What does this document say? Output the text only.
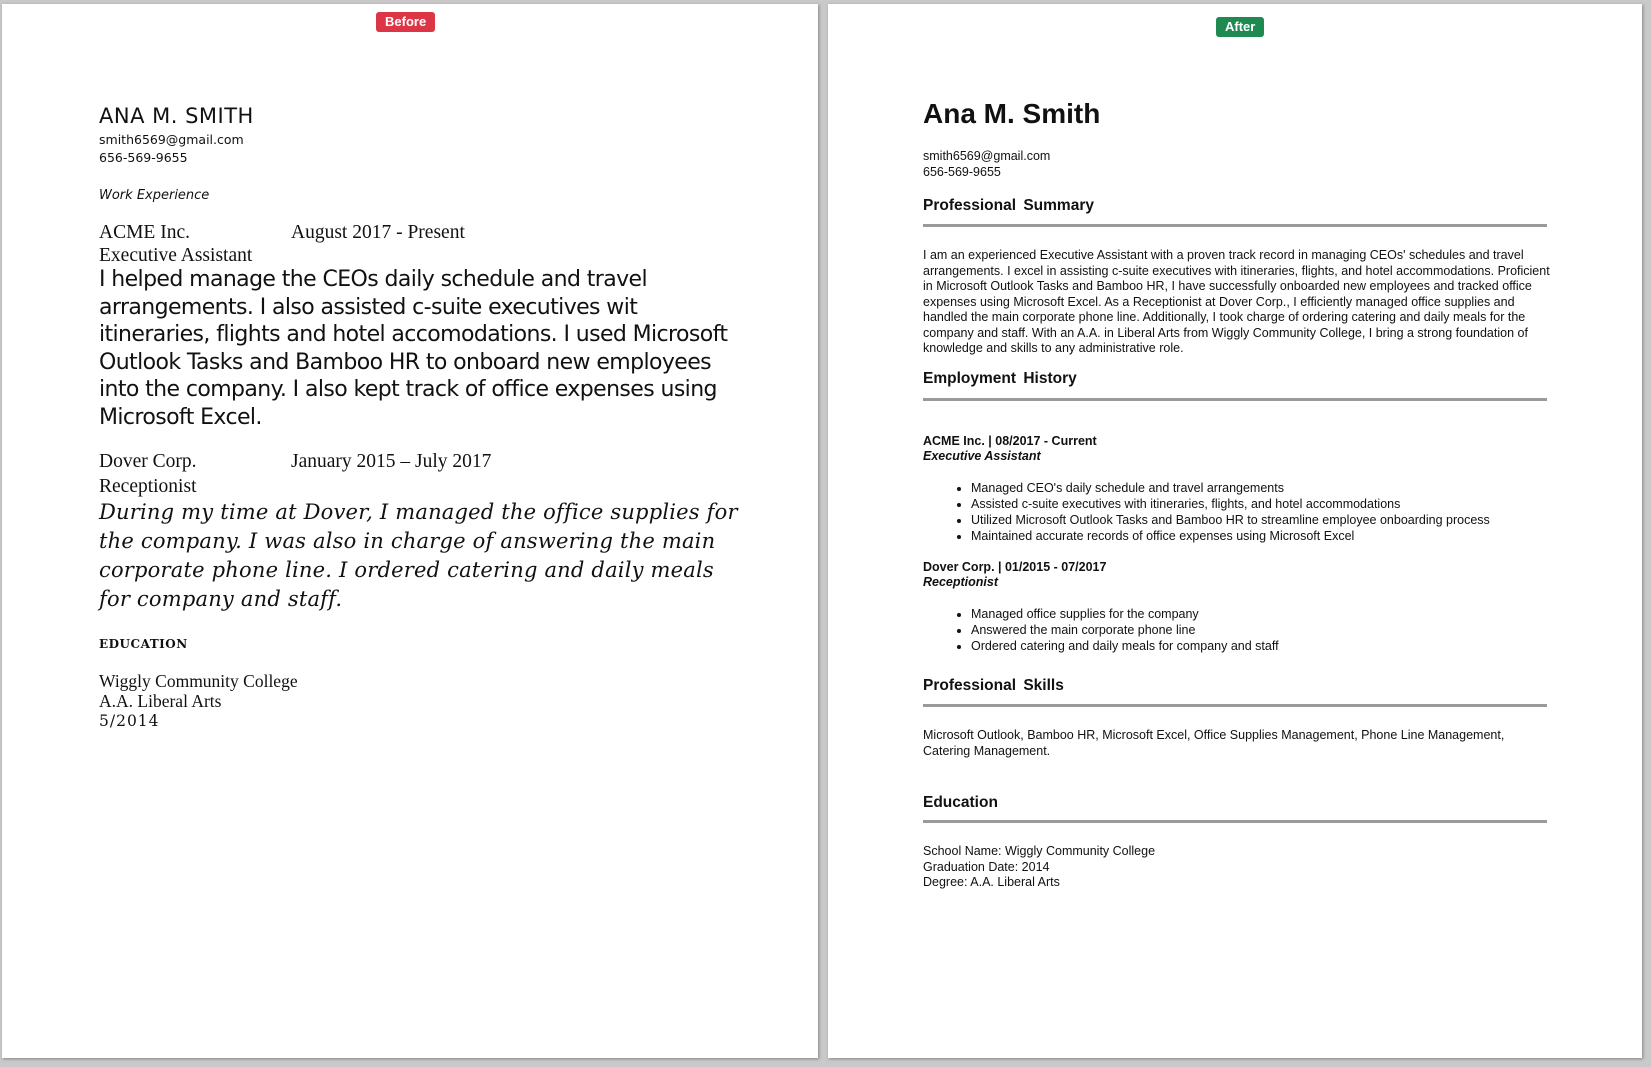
Before
ANA M. SMITH
smith6569@gmail.com
656-569-9655
Work Experience
ACME Inc.	August 2017 - Present
Executive Assistant
I helped manage the CEOs daily schedule and travel arrangements. I also assisted c-suite executives wit itineraries, flights and hotel accomodations. I used Microsoft Outlook Tasks and Bamboo HR to onboard new employees into the company. I also kept track of office expenses using Microsoft Excel.
Dover Corp.	January 2015 – July 2017
Receptionist
During my time at Dover, I managed the office supplies for the company. I was also in charge of answering the main corporate phone line. I ordered catering and daily meals for company and staff.
EDUCATION
Wiggly Community College
A.A. Liberal Arts
5/2014
After
Ana M. Smith
smith6569@gmail.com
656-569-9655
Professional Summary
I am an experienced Executive Assistant with a proven track record in managing CEOs' schedules and travel arrangements. I excel in assisting c-suite executives with itineraries, flights, and hotel accommodations. Proficient in Microsoft Outlook Tasks and Bamboo HR, I have successfully onboarded new employees and tracked office expenses using Microsoft Excel. As a Receptionist at Dover Corp., I efficiently managed office supplies and handled the main corporate phone line. Additionally, I took charge of ordering catering and daily meals for the company and staff. With an A.A. in Liberal Arts from Wiggly Community College, I bring a strong foundation of knowledge and skills to any administrative role.
Employment History
ACME Inc. | 08/2017 - Current
Executive Assistant
• Managed CEO's daily schedule and travel arrangements
• Assisted c-suite executives with itineraries, flights, and hotel accommodations
• Utilized Microsoft Outlook Tasks and Bamboo HR to streamline employee onboarding process
• Maintained accurate records of office expenses using Microsoft Excel
Dover Corp. | 01/2015 - 07/2017
Receptionist
• Managed office supplies for the company
• Answered the main corporate phone line
• Ordered catering and daily meals for company and staff
Professional Skills
Microsoft Outlook, Bamboo HR, Microsoft Excel, Office Supplies Management, Phone Line Management, Catering Management.
Education
School Name: Wiggly Community College
Graduation Date: 2014
Degree: A.A. Liberal Arts
